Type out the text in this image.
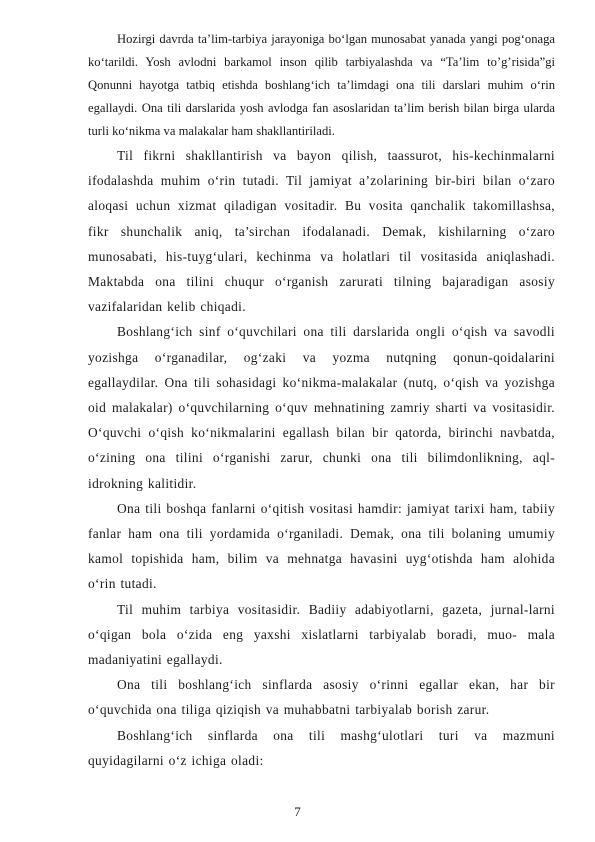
Hozirgi davrda ta’lim-tarbiya jarayoniga bo‘lgan munosabat yanada yangi pog‘onaga ko‘tarildi. Yosh avlodni barkamol inson qilib tarbiyalashda va “Ta’lim to’g’risida”gi Qonunni hayotga tatbiq etishda boshlang‘ich ta’limdagi ona tili darslari muhim o‘rin egallaydi. Ona tili darslarida yosh avlodga fan asoslaridan ta’lim berish bilan birga ularda turli ko‘nikma va malakalar ham shakllantiriladi.

Til fikrni shakllantirish va bayon qilish, taassurot, his-kechinmalarni ifodalashda muhim o‘rin tutadi. Til jamiyat a’zolarining bir-biri bilan o‘zaro aloqasi uchun xizmat qiladigan vositadir. Bu vosita qanchalik takomillashsa, fikr shunchalik aniq, ta’sirchan ifodalanadi. Demak, kishilarning o‘zaro munosabati, his-tuyg‘ulari, kechinma va holatlari til vositasida aniqlashadi. Maktabda ona tilini chuqur o‘rganish zarurati tilning bajaradigan asosiy vazifalaridan kelib chiqadi.

Boshlang‘ich sinf o‘quvchilari ona tili darslarida ongli o‘qish va savodli yozishga o‘rganadilar, og‘zaki va yozma nutqning qonun-qoidalarini egallaydilar. Ona tili sohasidagi ko‘nikma-malakalar (nutq, o‘qish va yozishga oid malakalar) o‘quvchilarning o‘quv mehnatining zamriy sharti va vositasidir. O‘quvchi o‘qish ko‘nikmalarini egallash bilan bir qatorda, birinchi navbatda, o‘zining ona tilini o‘rganishi zarur, chunki ona tili bilimdonlikning, aql-idrokning kalitidir.

Ona tili boshqa fanlarni o‘qitish vositasi hamdir: jamiyat tarixi ham, tabiiy fanlar ham ona tili yordamida o‘rganiladi. Demak, ona tili bolaning umumiy kamol topishida ham, bilim va mehnatga havasini uyg‘otishda ham alohida o‘rin tutadi.

Til muhim tarbiya vositasidir. Badiiy adabiyotlarni, gazeta, jurnal-larni o‘qigan bola o‘zida eng yaxshi xislatlarni tarbiyalab boradi, muo- mala madaniyatini egallaydi.

Ona tili boshlang‘ich sinflarda asosiy o‘rinni egallar ekan, har bir o‘quvchida ona tiliga qiziqish va muhabbatni tarbiyalab borish zarur.

Boshlang‘ich sinflarda ona tili mashg‘ulotlari turi va mazmuni quyidagilarni o‘z ichiga oladi:

7
